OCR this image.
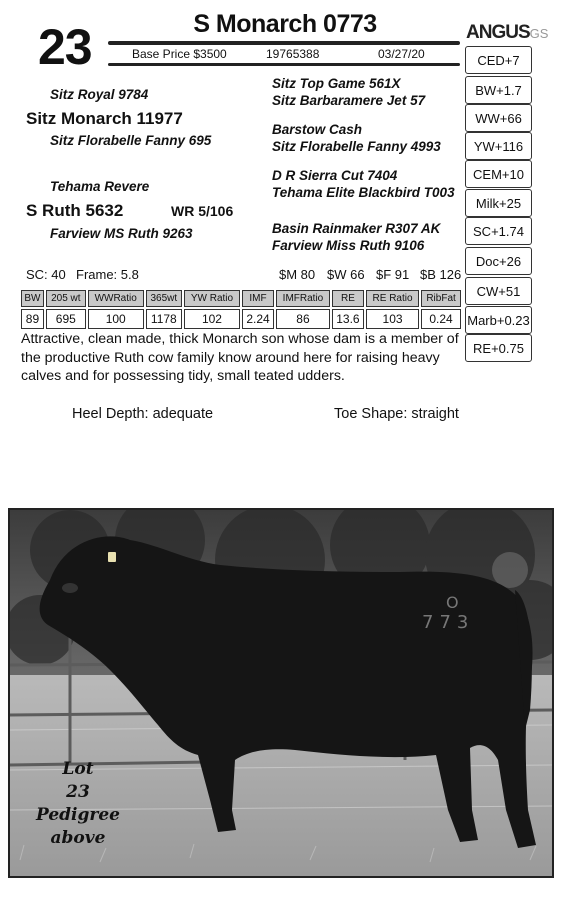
23	S Monarch 0773
Base Price $3500	19765388	03/27/20
ANGUSGS
CED+7
BW+1.7
WW+66
YW+116
CEM+10
Milk+25
SC+1.74
Doc+26
CW+51
Marb+0.23
RE+0.75
Sitz Royal 9784
Sitz Monarch 11977
Sitz Florabelle Fanny 695
Sitz Top Game 561X
Sitz Barbaramere Jet 57
Barstow Cash
Sitz Florabelle Fanny 4993
Tehama Revere
S Ruth 5632	WR 5/106
Farview MS Ruth 9263
D R Sierra Cut 7404
Tehama Elite Blackbird T003
Basin Rainmaker R307 AK
Farview Miss Ruth 9106
SC: 40 Frame: 5.8	$M 80 $W 66 $F 91 $B 126
BW	205 wt	WWRatio	365wt	YW Ratio	IMF	IMFRatio	RE	RE Ratio	RibFat
89	695	100	1178	102	2.24	86	13.6	103	0.24
Attractive, clean made, thick Monarch son whose dam is a member of the productive Ruth cow family know around here for raising heavy calves and for possessing tidy, small teated udders.
Heel Depth: adequate	Toe Shape: straight
O
773
Lot
23
Pedigree
above
